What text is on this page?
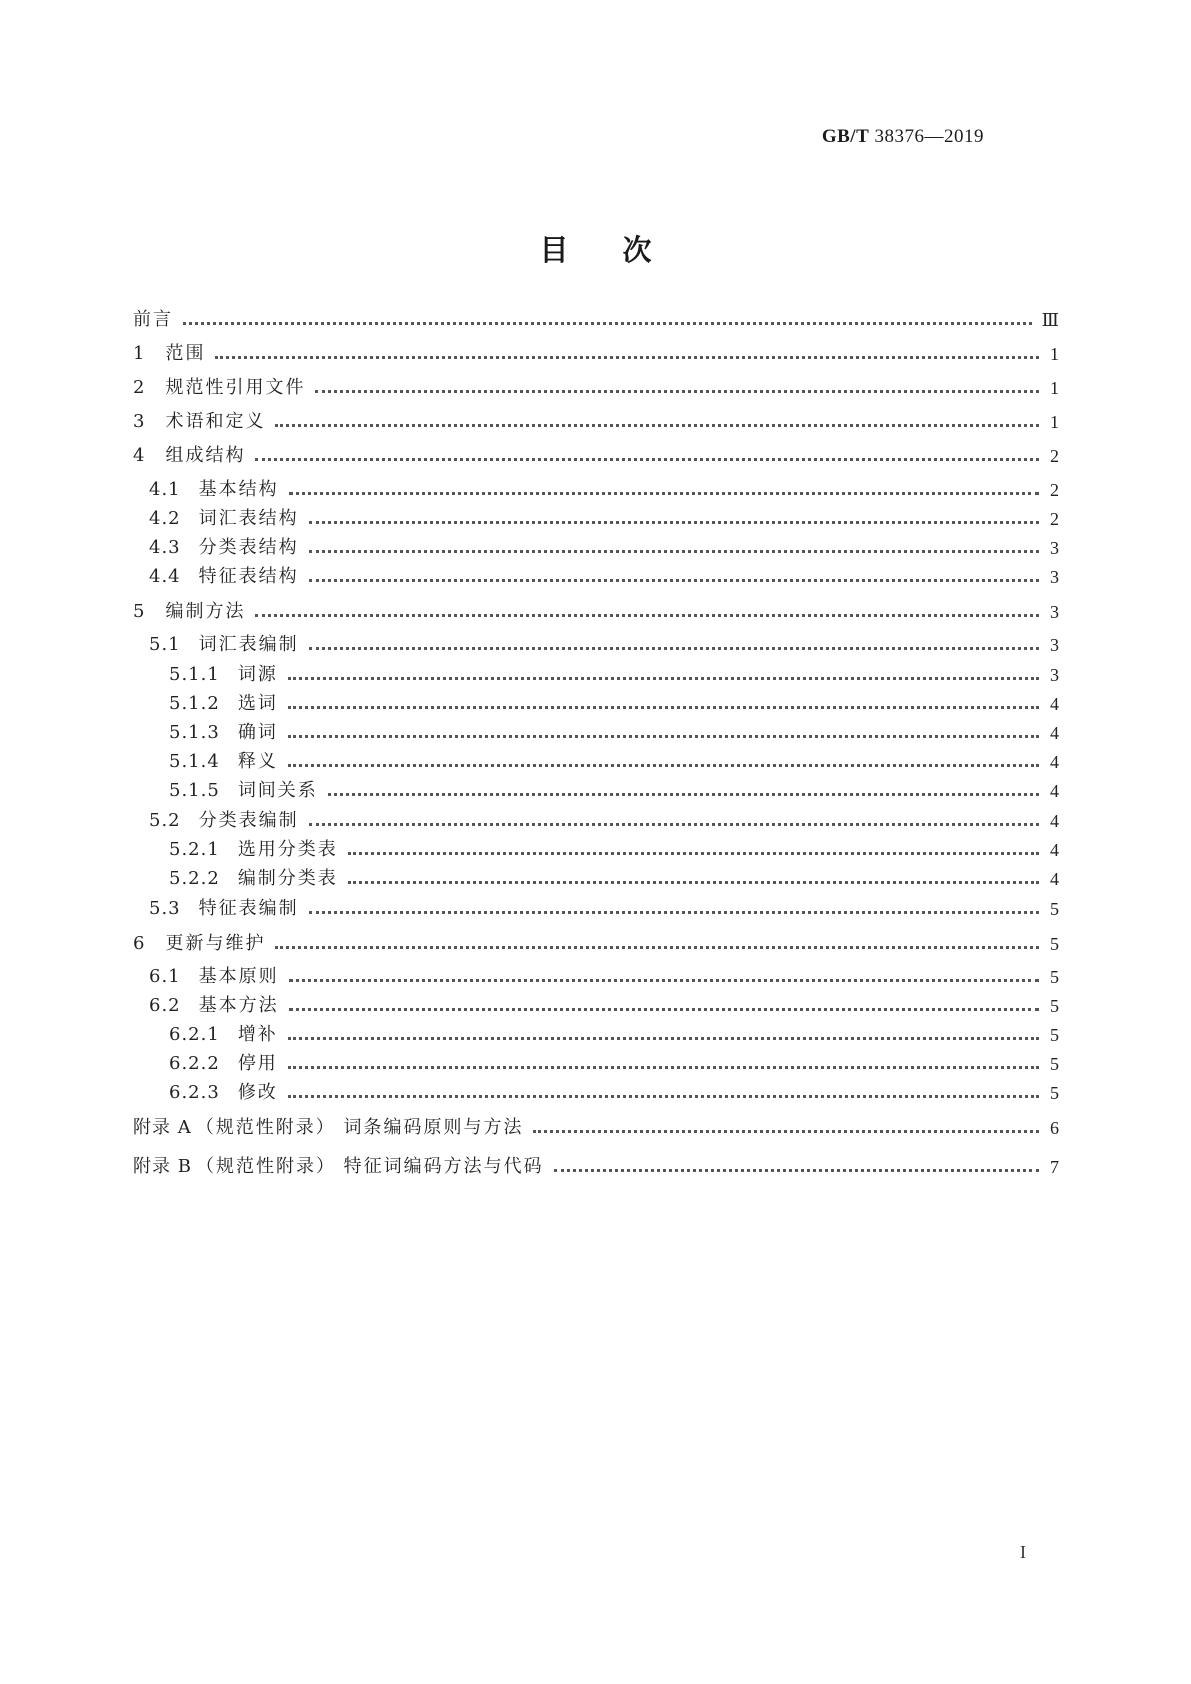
GB/T 38376—2019
目次
前言	Ⅲ
1 范围	1
2 规范性引用文件	1
3 术语和定义	1
4 组成结构	2
4.1 基本结构	2
4.2 词汇表结构	2
4.3 分类表结构	3
4.4 特征表结构	3
5 编制方法	3
5.1 词汇表编制	3
5.1.1 词源	3
5.1.2 选词	4
5.1.3 确词	4
5.1.4 释义	4
5.1.5 词间关系	4
5.2 分类表编制	4
5.2.1 选用分类表	4
5.2.2 编制分类表	4
5.3 特征表编制	5
6 更新与维护	5
6.1 基本原则	5
6.2 基本方法	5
6.2.1 增补	5
6.2.2 停用	5
6.2.3 修改	5
附录 A （规范性附录） 词条编码原则与方法	6
附录 B （规范性附录） 特征词编码方法与代码	7
I
